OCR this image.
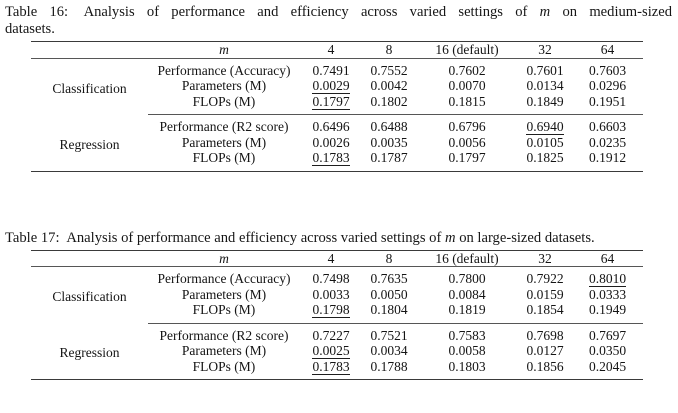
Table 16: Analysis of performance and efficiency across varied settings of m on medium-sized
datasets.

	m	4	8	16 (default)	32	64
Classification	Performance (Accuracy)	0.7491	0.7552	0.7602	0.7601	0.7603
	Parameters (M)	0.0029	0.0042	0.0070	0.0134	0.0296
	FLOPs (M)	0.1797	0.1802	0.1815	0.1849	0.1951
Regression	Performance (R2 score)	0.6496	0.6488	0.6796	0.6940	0.6603
	Parameters (M)	0.0026	0.0035	0.0056	0.0105	0.0235
	FLOPs (M)	0.1783	0.1787	0.1797	0.1825	0.1912

Table 17: Analysis of performance and efficiency across varied settings of m on large-sized datasets.

	m	4	8	16 (default)	32	64
Classification	Performance (Accuracy)	0.7498	0.7635	0.7800	0.7922	0.8010
	Parameters (M)	0.0033	0.0050	0.0084	0.0159	0.0333
	FLOPs (M)	0.1798	0.1804	0.1819	0.1854	0.1949
Regression	Performance (R2 score)	0.7227	0.7521	0.7583	0.7698	0.7697
	Parameters (M)	0.0025	0.0034	0.0058	0.0127	0.0350
	FLOPs (M)	0.1783	0.1788	0.1803	0.1856	0.2045
